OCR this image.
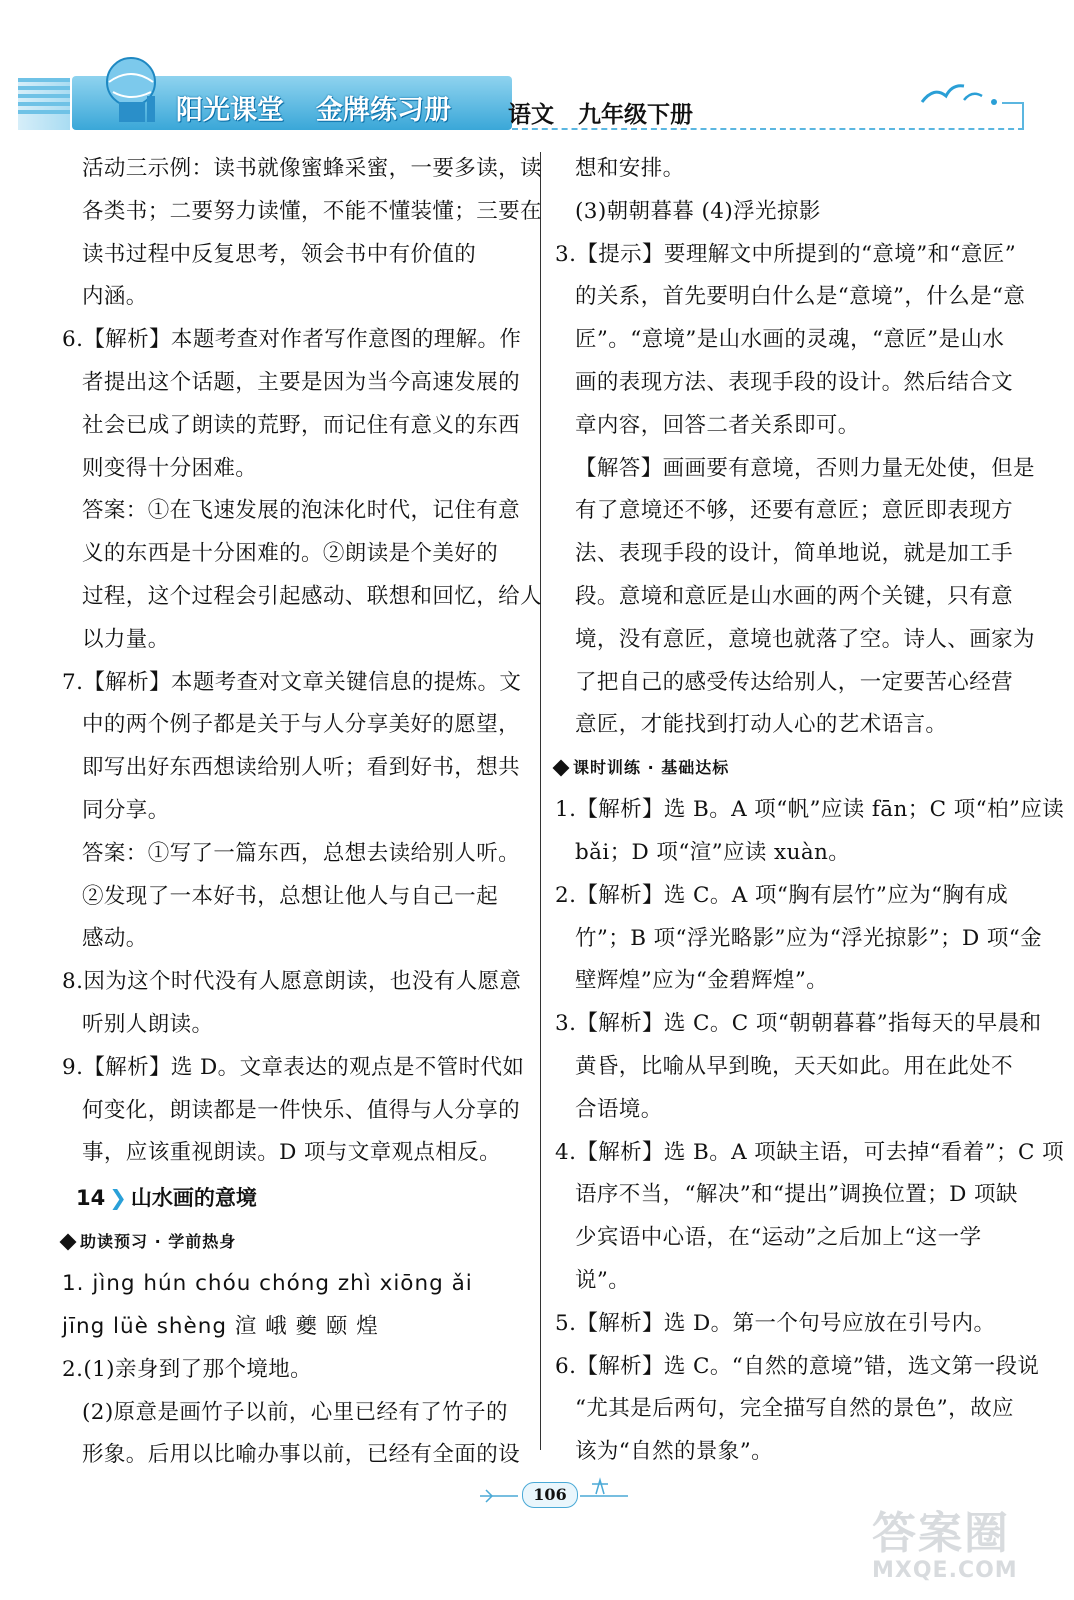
阳光课堂 金牌练习册 语文 九年级下册
活动三示例：读书就像蜜蜂采蜜，一要多读，读
各类书；二要努力读懂，不能不懂装懂；三要在
读书过程中反复思考，领会书中有价值的
内涵。
6.【解析】本题考查对作者写作意图的理解。作
者提出这个话题，主要是因为当今高速发展的
社会已成了朗读的荒野，而记住有意义的东西
则变得十分困难。
答案：①在飞速发展的泡沫化时代，记住有意
义的东西是十分困难的。②朗读是个美好的
过程，这个过程会引起感动、联想和回忆，给人
以力量。
7.【解析】本题考查对文章关键信息的提炼。文
中的两个例子都是关于与人分享美好的愿望，
即写出好东西想读给别人听；看到好书，想共
同分享。
答案：①写了一篇东西，总想去读给别人听。
②发现了一本好书，总想让他人与自己一起
感动。
8.因为这个时代没有人愿意朗读，也没有人愿意
听别人朗读。
9.【解析】选 D。文章表达的观点是不管时代如
何变化，朗读都是一件快乐、值得与人分享的
事，应该重视朗读。D 项与文章观点相反。
14 ❯ 山水画的意境
助读预习 · 学前热身
1. jìng hún chóu chóng zhì xiōng ǎi
jīng lüè shèng 渲 峨 夔 颐 煌
2.(1)亲身到了那个境地。
(2)原意是画竹子以前，心里已经有了竹子的
形象。后用以比喻办事以前，已经有全面的设
想和安排。
(3)朝朝暮暮 (4)浮光掠影
3.【提示】要理解文中所提到的“意境”和“意匠”
的关系，首先要明白什么是“意境”，什么是“意
匠”。“意境”是山水画的灵魂，“意匠”是山水
画的表现方法、表现手段的设计。然后结合文
章内容，回答二者关系即可。
【解答】画画要有意境，否则力量无处使，但是
有了意境还不够，还要有意匠；意匠即表现方
法、表现手段的设计，简单地说，就是加工手
段。意境和意匠是山水画的两个关键，只有意
境，没有意匠，意境也就落了空。诗人、画家为
了把自己的感受传达给别人，一定要苦心经营
意匠，才能找到打动人心的艺术语言。
课时训练 · 基础达标
1.【解析】选 B。A 项“帆”应读 fān；C 项“柏”应读
bǎi；D 项“渲”应读 xuàn。
2.【解析】选 C。A 项“胸有层竹”应为“胸有成
竹”；B 项“浮光略影”应为“浮光掠影”；D 项“金
壁辉煌”应为“金碧辉煌”。
3.【解析】选 C。C 项“朝朝暮暮”指每天的早晨和
黄昏，比喻从早到晚，天天如此。用在此处不
合语境。
4.【解析】选 B。A 项缺主语，可去掉“看着”；C 项
语序不当，“解决”和“提出”调换位置；D 项缺
少宾语中心语，在“运动”之后加上“这一学
说”。
5.【解析】选 D。第一个句号应放在引号内。
6.【解析】选 C。“自然的意境”错，选文第一段说
“尤其是后两句，完全描写自然的景色”，故应
该为“自然的景象”。
106
答案圈
MXQE.COM
